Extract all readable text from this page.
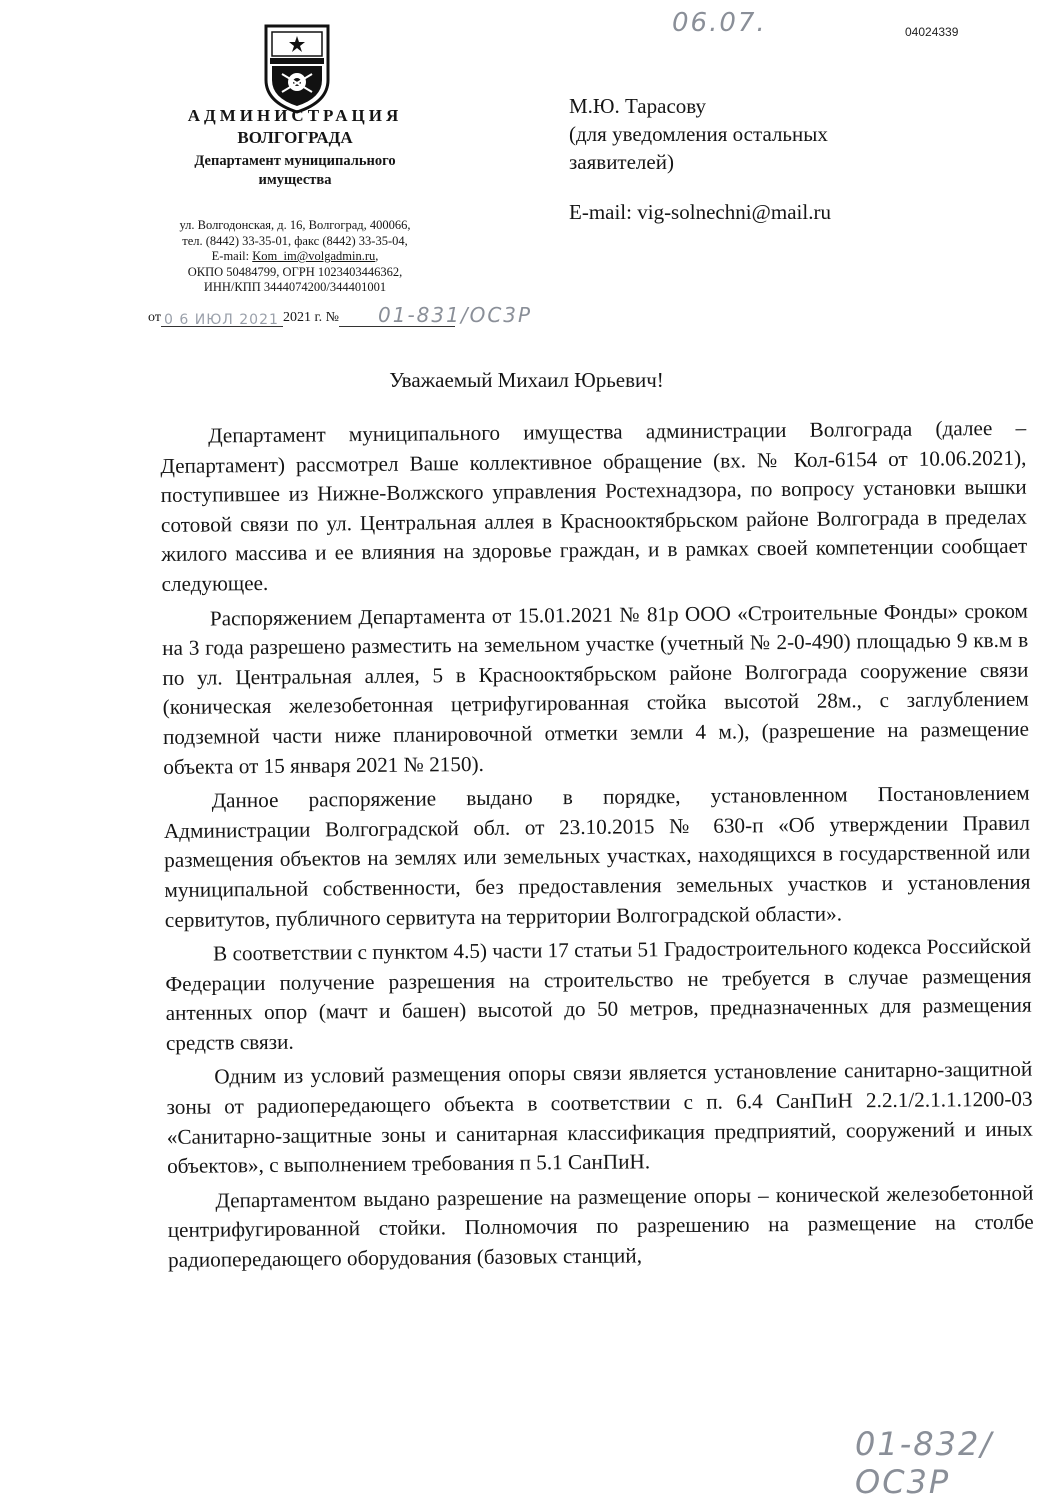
06.07.	04024339
АДМИНИСТРАЦИЯ
ВОЛГОГРАДА
Департамент муниципального
имущества
ул. Волгодонская, д. 16, Волгоград, 400066,
тел. (8442) 33-35-01, факс (8442) 33-35-04,
E-mail: Kom_im@volgadmin.ru,
ОКПО 50484799, ОГРН 1023403446362,
ИНН/КПП 3444074200/344401001
от	2021 г. №
0 6 ИЮЛ 2021	01-831/ОС3Р
М.Ю. Тарасову
(для уведомления остальных
заявителей)
E-mail: vig-solnechni@mail.ru
Уважаемый Михаил Юрьевич!

Департамент муниципального имущества администрации Волгограда (далее – Департамент) рассмотрел Ваше коллективное обращение (вх. № Кол-6154 от 10.06.2021), поступившее из Нижне-Волжского управления Ростехнадзора, по вопросу установки вышки сотовой связи по ул. Центральная аллея в Краснооктябрьском районе Волгограда в пределах жилого массива и ее влияния на здоровье граждан, и в рамках своей компетенции сообщает следующее.

Распоряжением Департамента от 15.01.2021 № 81р ООО «Строительные Фонды» сроком на 3 года разрешено разместить на земельном участке (учетный № 2-0-490) площадью 9 кв.м в по ул. Центральная аллея, 5 в Краснооктябрьском районе Волгограда сооружение связи (коническая железобетонная цетрифугированная стойка высотой 28м., с заглублением подземной части ниже планировочной отметки земли 4 м.), (разрешение на размещение объекта от 15 января 2021 № 2150).

Данное распоряжение выдано в порядке, установленном Постановлением Администрации Волгоградской обл. от 23.10.2015 № 630-п «Об утверждении Правил размещения объектов на землях или земельных участках, находящихся в государственной или муниципальной собственности, без предоставления земельных участков и установления сервитутов, публичного сервитута на территории Волгоградской области».

В соответствии с пунктом 4.5) части 17 статьи 51 Градостроительного кодекса Российской Федерации получение разрешения на строительство не требуется в случае размещения антенных опор (мачт и башен) высотой до 50 метров, предназначенных для размещения средств связи.

Одним из условий размещения опоры связи является установление санитарно-защитной зоны от радиопередающего объекта в соответствии с п. 6.4 СанПиН 2.2.1/2.1.1.1200-03 «Санитарно-защитные зоны и санитарная классификация предприятий, сооружений и иных объектов», с выполнением требования п 5.1 СанПиН.

Департаментом выдано разрешение на размещение опоры – конической железобетонной центрифугированной стойки. Полномочия по разрешению на размещение на столбе радиопередающего оборудования (базовых станций,

01-832/ОС3Р
